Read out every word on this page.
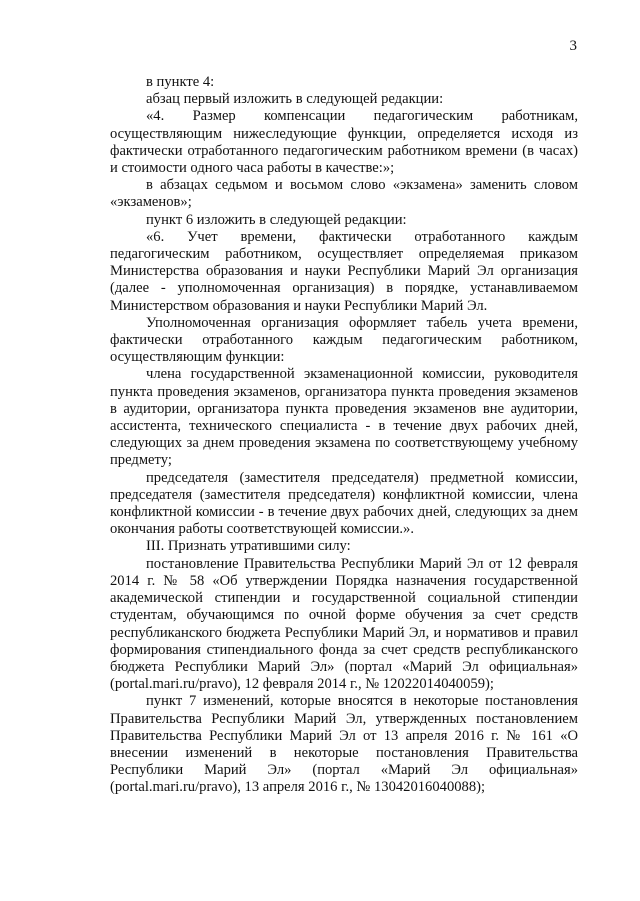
3

в пункте 4:

абзац первый изложить в следующей редакции:

«4. Размер компенсации педагогическим работникам, осуществляющим нижеследующие функции, определяется исходя из фактически отработанного педагогическим работником времени (в часах) и стоимости одного часа работы в качестве:»;

в абзацах седьмом и восьмом слово «экзамена» заменить словом «экзаменов»;

пункт 6 изложить в следующей редакции:

«6. Учет времени, фактически отработанного каждым педагогическим работником, осуществляет определяемая приказом Министерства образования и науки Республики Марий Эл организация (далее - уполномоченная организация) в порядке, устанавливаемом Министерством образования и науки Республики Марий Эл.

Уполномоченная организация оформляет табель учета времени, фактически отработанного каждым педагогическим работником, осуществляющим функции:

члена государственной экзаменационной комиссии, руководителя пункта проведения экзаменов, организатора пункта проведения экзаменов в аудитории, организатора пункта проведения экзаменов вне аудитории, ассистента, технического специалиста - в течение двух рабочих дней, следующих за днем проведения экзамена по соответствующему учебному предмету;

председателя (заместителя председателя) предметной комиссии, председателя (заместителя председателя) конфликтной комиссии, члена конфликтной комиссии - в течение двух рабочих дней, следующих за днем окончания работы соответствующей комиссии.».

III. Признать утратившими силу:

постановление Правительства Республики Марий Эл от 12 февраля 2014 г. № 58 «Об утверждении Порядка назначения государственной академической стипендии и государственной социальной стипендии студентам, обучающимся по очной форме обучения за счет средств республиканского бюджета Республики Марий Эл, и нормативов и правил формирования стипендиального фонда за счет средств республиканского бюджета Республики Марий Эл» (портал «Марий Эл официальная» (portal.mari.ru/pravo), 12 февраля 2014 г., № 12022014040059);

пункт 7 изменений, которые вносятся в некоторые постановления Правительства Республики Марий Эл, утвержденных постановлением Правительства Республики Марий Эл от 13 апреля 2016 г. № 161 «О внесении изменений в некоторые постановления Правительства Республики Марий Эл» (портал «Марий Эл официальная» (portal.mari.ru/pravo), 13 апреля 2016 г., № 13042016040088);
